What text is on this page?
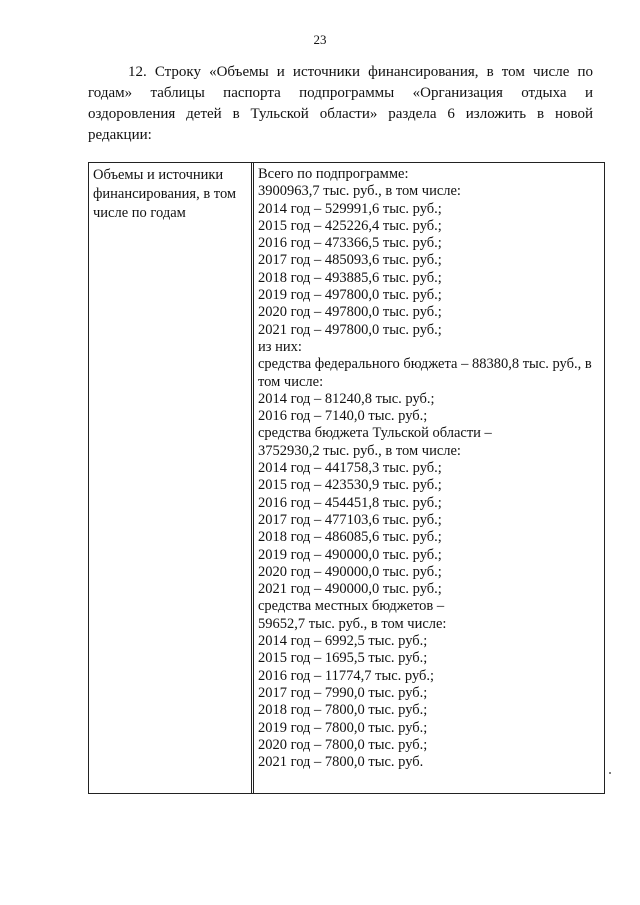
23

12. Строку «Объемы и источники финансирования, в том числе по годам» таблицы паспорта подпрограммы «Организация отдыха и оздоровления детей в Тульской области» раздела 6 изложить в новой редакции:

Объемы и источники финансирования, в том числе по годам
Всего по подпрограмме:
3900963,7 тыс. руб., в том числе:
2014 год – 529991,6 тыс. руб.;
2015 год – 425226,4 тыс. руб.;
2016 год – 473366,5 тыс. руб.;
2017 год – 485093,6 тыс. руб.;
2018 год – 493885,6 тыс. руб.;
2019 год – 497800,0 тыс. руб.;
2020 год – 497800,0 тыс. руб.;
2021 год – 497800,0 тыс. руб.;
из них:
средства федерального бюджета – 88380,8 тыс. руб., в том числе:
2014 год – 81240,8 тыс. руб.;
2016 год – 7140,0 тыс. руб.;
средства бюджета Тульской области –
3752930,2 тыс. руб., в том числе:
2014 год – 441758,3 тыс. руб.;
2015 год – 423530,9 тыс. руб.;
2016 год – 454451,8 тыс. руб.;
2017 год – 477103,6 тыс. руб.;
2018 год – 486085,6 тыс. руб.;
2019 год – 490000,0 тыс. руб.;
2020 год – 490000,0 тыс. руб.;
2021 год – 490000,0 тыс. руб.;
средства местных бюджетов –
59652,7 тыс. руб., в том числе:
2014 год – 6992,5 тыс. руб.;
2015 год – 1695,5 тыс. руб.;
2016 год – 11774,7 тыс. руб.;
2017 год – 7990,0 тыс. руб.;
2018 год – 7800,0 тыс. руб.;
2019 год – 7800,0 тыс. руб.;
2020 год – 7800,0 тыс. руб.;
2021 год – 7800,0 тыс. руб.
